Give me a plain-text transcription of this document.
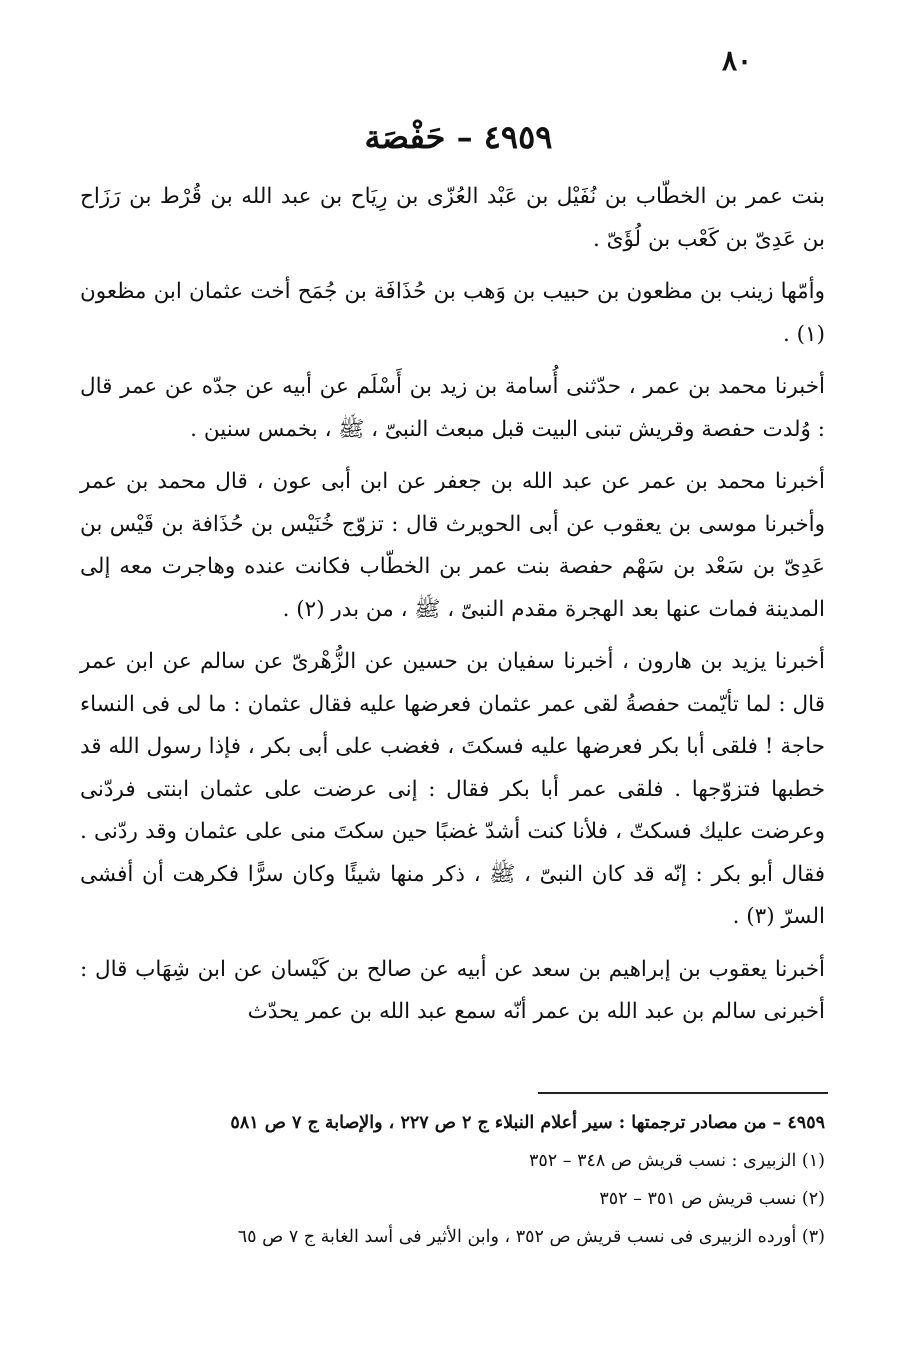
٨٠
٤٩٥٩ – حَفْصَة

بنت عمر بن الخطّاب بن نُفَيْل بن عَبْد العُزّى بن رِيَاح بن عبد الله بن قُرْط بن رَزَاح بن عَدِىّ بن كَعْب بن لُؤَىّ .

وأمّها زينب بن مظعون بن حبيب بن وَهب بن حُذَافَة بن جُمَح أخت عثمان ابن مظعون (١) .

أخبرنا محمد بن عمر ، حدّثنى أُسامة بن زيد بن أَسْلَم عن أبيه عن جدّه عن عمر قال : وُلدت حفصة وقريش تبنى البيت قبل مبعث النبىّ ، ﷺ ، بخمس سنين .

أخبرنا محمد بن عمر عن عبد الله بن جعفر عن ابن أبى عون ، قال محمد بن عمر وأخبرنا موسى بن يعقوب عن أبى الحويرث قال : تزوّج خُنَيْس بن حُذَافة بن قَيْس بن عَدِىّ بن سَعْد بن سَهْم حفصة بنت عمر بن الخطّاب فكانت عنده وهاجرت معه إلى المدينة فمات عنها بعد الهجرة مقدم النبىّ ، ﷺ ، من بدر (٢) .

أخبرنا يزيد بن هارون ، أخبرنا سفيان بن حسين عن الزُّهْرىّ عن سالم عن ابن عمر قال : لما تأيّمت حفصةُ لقى عمر عثمان فعرضها عليه فقال عثمان : ما لى فى النساء حاجة ! فلقى أبا بكر فعرضها عليه فسكتَ ، فغضب على أبى بكر ، فإذا رسول الله قد خطبها فتزوّجها . فلقى عمر أبا بكر فقال : إنى عرضت على عثمان ابنتى فردّنى وعرضت عليك فسكتّ ، فلأنا كنت أشدّ غضبًا حين سكتَ منى على عثمان وقد ردّنى . فقال أبو بكر : إنّه قد كان النبىّ ، ﷺ ، ذكر منها شيئًا وكان سرًّا فكرهت أن أفشى السرّ (٣) .

أخبرنا يعقوب بن إبراهيم بن سعد عن أبيه عن صالح بن كَيْسان عن ابن شِهَاب قال : أخبرنى سالم بن عبد الله بن عمر أنّه سمع عبد الله بن عمر يحدّث

٤٩٥٩ – من مصادر ترجمتها : سير أعلام النبلاء ج ٢ ص ٢٢٧ ، والإصابة ج ٧ ص ٥٨١
(١) الزبيرى : نسب قريش ص ٣٤٨ – ٣٥٢
(٢) نسب قريش ص ٣٥١ – ٣٥٢
(٣) أورده الزبيرى فى نسب قريش ص ٣٥٢ ، وابن الأثير فى أسد الغابة ج ٧ ص ٦٥
